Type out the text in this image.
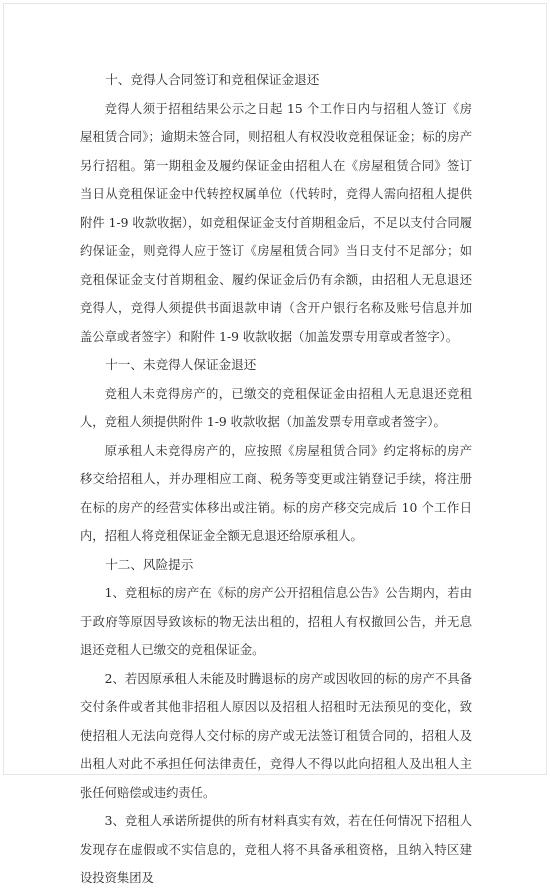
十、竞得人合同签订和竞租保证金退还
竞得人须于招租结果公示之日起 15 个工作日内与招租人签订《房屋租赁合同》；逾期未签合同，则招租人有权没收竞租保证金；标的房产另行招租。第一期租金及履约保证金由招租人在《房屋租赁合同》签订当日从竞租保证金中代转控权属单位（代转时，竞得人需向招租人提供附件 1-9 收款收据），如竞租保证金支付首期租金后，不足以支付合同履约保证金，则竞得人应于签订《房屋租赁合同》当日支付不足部分；如竞租保证金支付首期租金、履约保证金后仍有余额，由招租人无息退还竞得人，竞得人须提供书面退款申请（含开户银行名称及账号信息并加盖公章或者签字）和附件 1-9 收款收据（加盖发票专用章或者签字）。
十一、未竞得人保证金退还
竞租人未竞得房产的，已缴交的竞租保证金由招租人无息退还竞租人，竞租人须提供附件 1-9 收款收据（加盖发票专用章或者签字）。
原承租人未竞得房产的，应按照《房屋租赁合同》约定将标的房产移交给招租人，并办理相应工商、税务等变更或注销登记手续，将注册在标的房产的经营实体移出或注销。标的房产移交完成后 10 个工作日内，招租人将竞租保证金全额无息退还给原承租人。
十二、风险提示
1、竞租标的房产在《标的房产公开招租信息公告》公告期内，若由于政府等原因导致该标的物无法出租的，招租人有权撤回公告，并无息退还竞租人已缴交的竞租保证金。
2、若因原承租人未能及时腾退标的房产或因收回的标的房产不具备交付条件或者其他非招租人原因以及招租人招租时无法预见的变化，致使招租人无法向竞得人交付标的房产或无法签订租赁合同的，招租人及出租人对此不承担任何法律责任，竞得人不得以此向招租人及出租人主张任何赔偿或违约责任。
3、竞租人承诺所提供的所有材料真实有效，若在任何情况下招租人发现存在虚假或不实信息的，竞租人将不具备承租资格，且纳入特区建设投资集团及
